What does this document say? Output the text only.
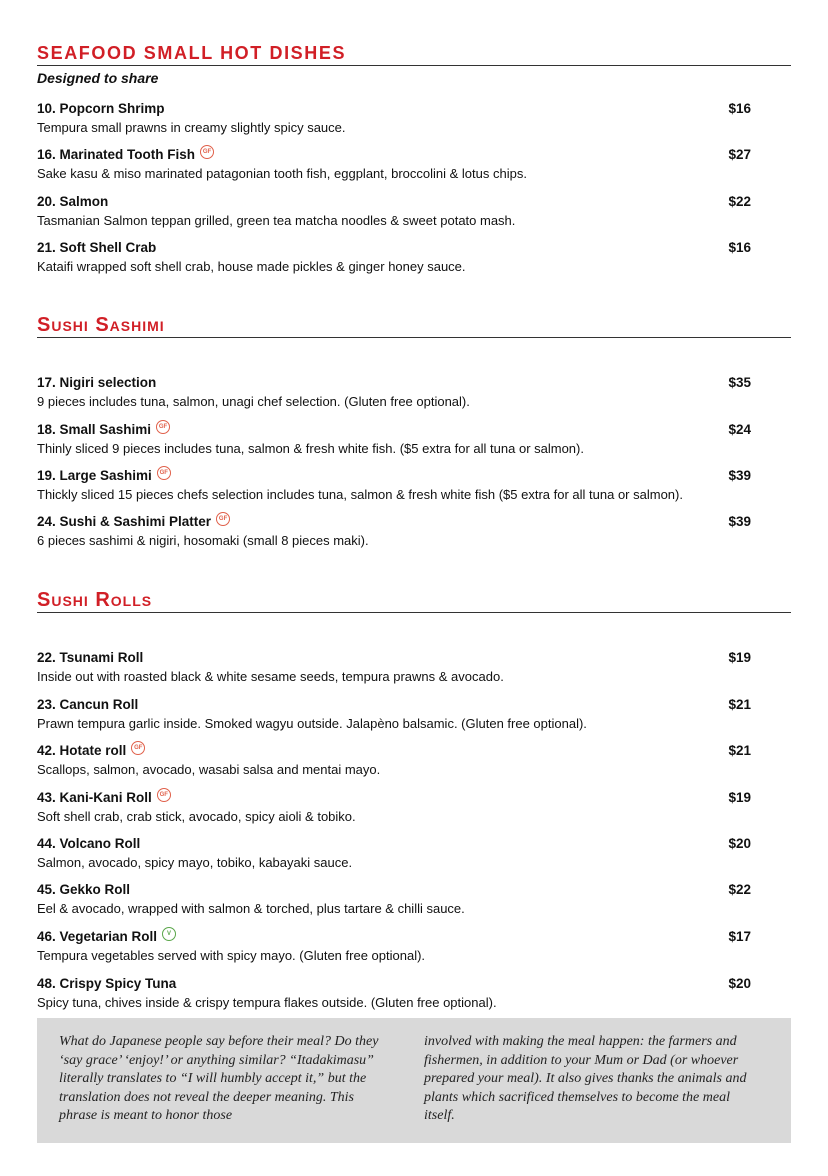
SEAFOOD SMALL HOT DISHES
Designed to share
10. Popcorn Shrimp	$16
Tempura small prawns in creamy slightly spicy sauce.
16. Marinated Tooth Fish	GF	$27
Sake kasu & miso marinated patagonian tooth fish, eggplant, broccolini & lotus chips.
20. Salmon	$22
Tasmanian Salmon teppan grilled, green tea matcha noodles & sweet potato mash.
21. Soft Shell Crab	$16
Kataifi wrapped soft shell crab, house made pickles & ginger honey sauce.
Sushi Sashimi
17. Nigiri selection	$35
9 pieces includes tuna, salmon, unagi chef selection. (Gluten free optional).
18. Small Sashimi	GF	$24
Thinly sliced 9 pieces includes tuna, salmon & fresh white fish. ($5 extra for all tuna or salmon).
19. Large Sashimi	GF	$39
Thickly sliced 15 pieces chefs selection includes tuna, salmon & fresh white fish ($5 extra for all tuna or salmon).
24. Sushi & Sashimi Platter	GF	$39
6 pieces sashimi & nigiri, hosomaki (small 8 pieces maki).
Sushi Rolls
22. Tsunami Roll	$19
Inside out with roasted black & white sesame seeds, tempura prawns & avocado.
23. Cancun Roll	$21
Prawn tempura garlic inside. Smoked wagyu outside. Jalapèno balsamic. (Gluten free optional).
42. Hotate roll	GF	$21
Scallops, salmon, avocado, wasabi salsa and mentai mayo.
43. Kani-Kani Roll	GF	$19
Soft shell crab, crab stick, avocado, spicy aioli & tobiko.
44. Volcano Roll	$20
Salmon, avocado, spicy mayo, tobiko, kabayaki sauce.
45. Gekko Roll	$22
Eel & avocado, wrapped with salmon & torched, plus tartare & chilli sauce.
46. Vegetarian Roll	V	$17
Tempura vegetables served with spicy mayo. (Gluten free optional).
48. Crispy Spicy Tuna	$20
Spicy tuna, chives inside & crispy tempura flakes outside. (Gluten free optional).
What do Japanese people say before their meal? Do they ‘say grace’ ‘enjoy!’ or anything similar? “Itadakimasu” literally translates to “I will humbly accept it,” but the translation does not reveal the deeper meaning. This phrase is meant to honor those
involved with making the meal happen: the farmers and fishermen, in addition to your Mum or Dad (or whoever prepared your meal). It also gives thanks the animals and plants which sacrificed themselves to become the meal itself.
